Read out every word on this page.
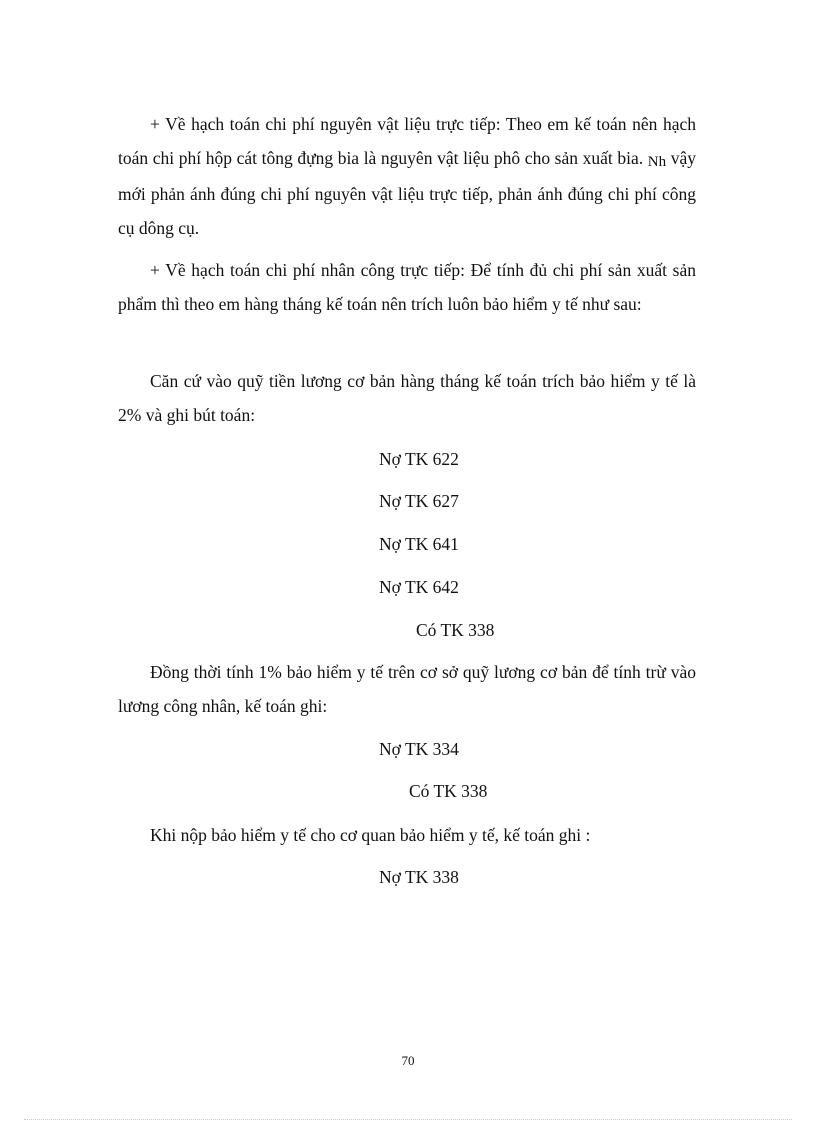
+ Về hạch toán chi phí nguyên vật liệu trực tiếp: Theo em kế toán nên hạch toán chi phí hộp cát tông đựng bia là nguyên vật liệu phô cho sản xuất bia. Nh vậy mới phản ánh đúng chi phí nguyên vật liệu trực tiếp, phản ánh đúng chi phí công cụ dông cụ.

+ Về hạch toán chi phí nhân công trực tiếp: Để tính đủ chi phí sản xuất sản phẩm thì theo em hàng tháng kế toán nên trích luôn bảo hiểm y tế như sau:

Căn cứ vào quỹ tiền lương cơ bản hàng tháng kế toán trích bảo hiểm y tế là 2% và ghi bút toán:

Nợ TK 622
Nợ TK 627
Nợ TK 641
Nợ TK 642
Có TK 338

Đồng thời tính 1% bảo hiểm y tế trên cơ sở quỹ lương cơ bản để tính trừ vào lương công nhân, kế toán ghi:

Nợ TK 334
Có TK 338

Khi nộp bảo hiểm y tế cho cơ quan bảo hiểm y tế, kế toán ghi :

Nợ TK 338
70
